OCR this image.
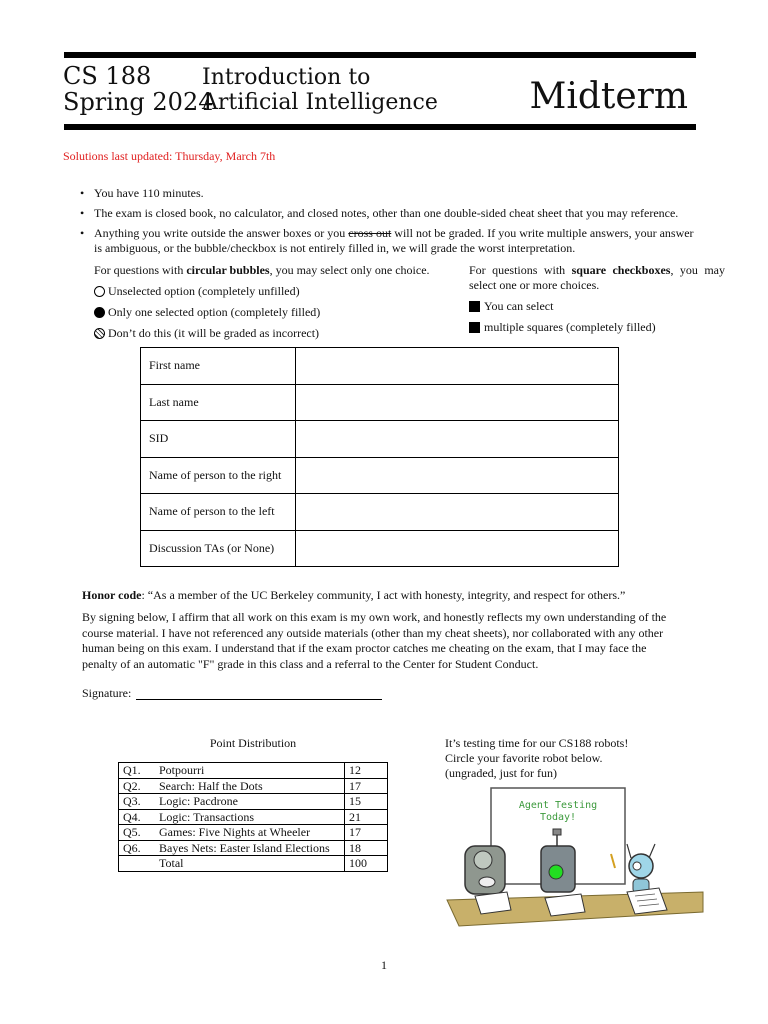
CS 188
Spring 2024
Introduction to
Artificial Intelligence	Midterm
Solutions last updated: Thursday, March 7th
• You have 110 minutes.
• The exam is closed book, no calculator, and closed notes, other than one double-sided cheat sheet that you may reference.
• Anything you write outside the answer boxes or you cross out will not be graded. If you write multiple answers, your answer is ambiguous, or the bubble/checkbox is not entirely filled in, we will grade the worst interpretation.
For questions with circular bubbles, you may select only one choice.
Unselected option (completely unfilled)
Only one selected option (completely filled)
Don’t do this (it will be graded as incorrect)
For questions with square checkboxes, you may select one or more choices.
You can select
multiple squares (completely filled)
First name	
Last name	
SID	
Name of person to the right	
Name of person to the left	
Discussion TAs (or None)	
Honor code: “As a member of the UC Berkeley community, I act with honesty, integrity, and respect for others.”
By signing below, I affirm that all work on this exam is my own work, and honestly reflects my own understanding of the course material. I have not referenced any outside materials (other than my cheat sheets), nor collaborated with any other human being on this exam. I understand that if the exam proctor catches me cheating on the exam, that I may face the penalty of an automatic "F" grade in this class and a referral to the Center for Student Conduct.
Signature:
Point Distribution
Q1.	Potpourri	12
Q2.	Search: Half the Dots	17
Q3.	Logic: Pacdrone	15
Q4.	Logic: Transactions	21
Q5.	Games: Five Nights at Wheeler	17
Q6.	Bayes Nets: Easter Island Elections	18
	Total	100
It’s testing time for our CS188 robots!
Circle your favorite robot below.
(ungraded, just for fun)
Agent Testing
Today!
1
